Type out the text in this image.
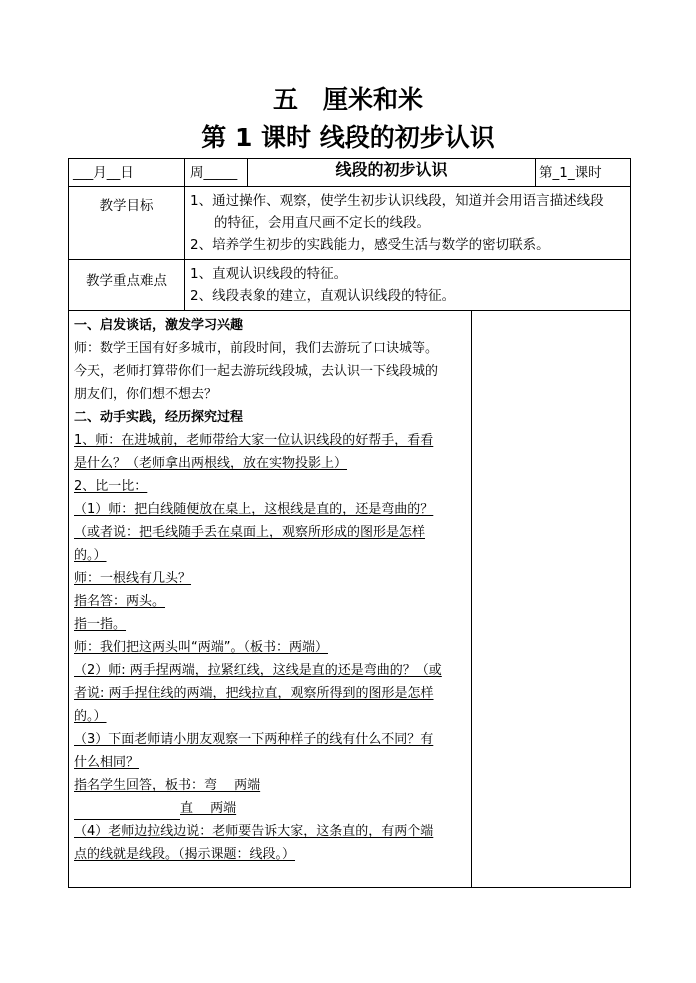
五　厘米和米
第 1 课时 线段的初步认识
___月__日	周_____	线段的初步认识	第_1_课时
教学目标	1、通过操作、观察，使学生初步认识线段，知道并会用语言描述线段
的特征，会用直尺画不定长的线段。
2、培养学生初步的实践能力，感受生活与数学的密切联系。
教学重点难点	1、直观认识线段的特征。
2、线段表象的建立，直观认识线段的特征。
一、启发谈话，激发学习兴趣
师：数学王国有好多城市，前段时间，我们去游玩了口诀城等。
今天，老师打算带你们一起去游玩线段城，去认识一下线段城的
朋友们，你们想不想去？
二、动手实践，经历探究过程
1、师：在进城前，老师带给大家一位认识线段的好帮手，看看
是什么？（老师拿出两根线，放在实物投影上）
2、比一比：
（1）师：把白线随便放在桌上，这根线是直的，还是弯曲的？
（或者说：把毛线随手丢在桌面上，观察所形成的图形是怎样
的。）
师：一根线有几头？
指名答：两头。
指一指。
师：我们把这两头叫“两端”。（板书：两端）
（2）师: 两手捏两端，拉紧红线，这线是直的还是弯曲的？（或
者说: 两手捏住线的两端，把线拉直，观察所得到的图形是怎样
的。）
（3）下面老师请小朋友观察一下两种样子的线有什么不同？有
什么相同？
指名学生回答，板书：弯　 两端
直　 两端
（4）老师边拉线边说：老师要告诉大家，这条直的，有两个端
点的线就是线段。（揭示课题：线段。）
